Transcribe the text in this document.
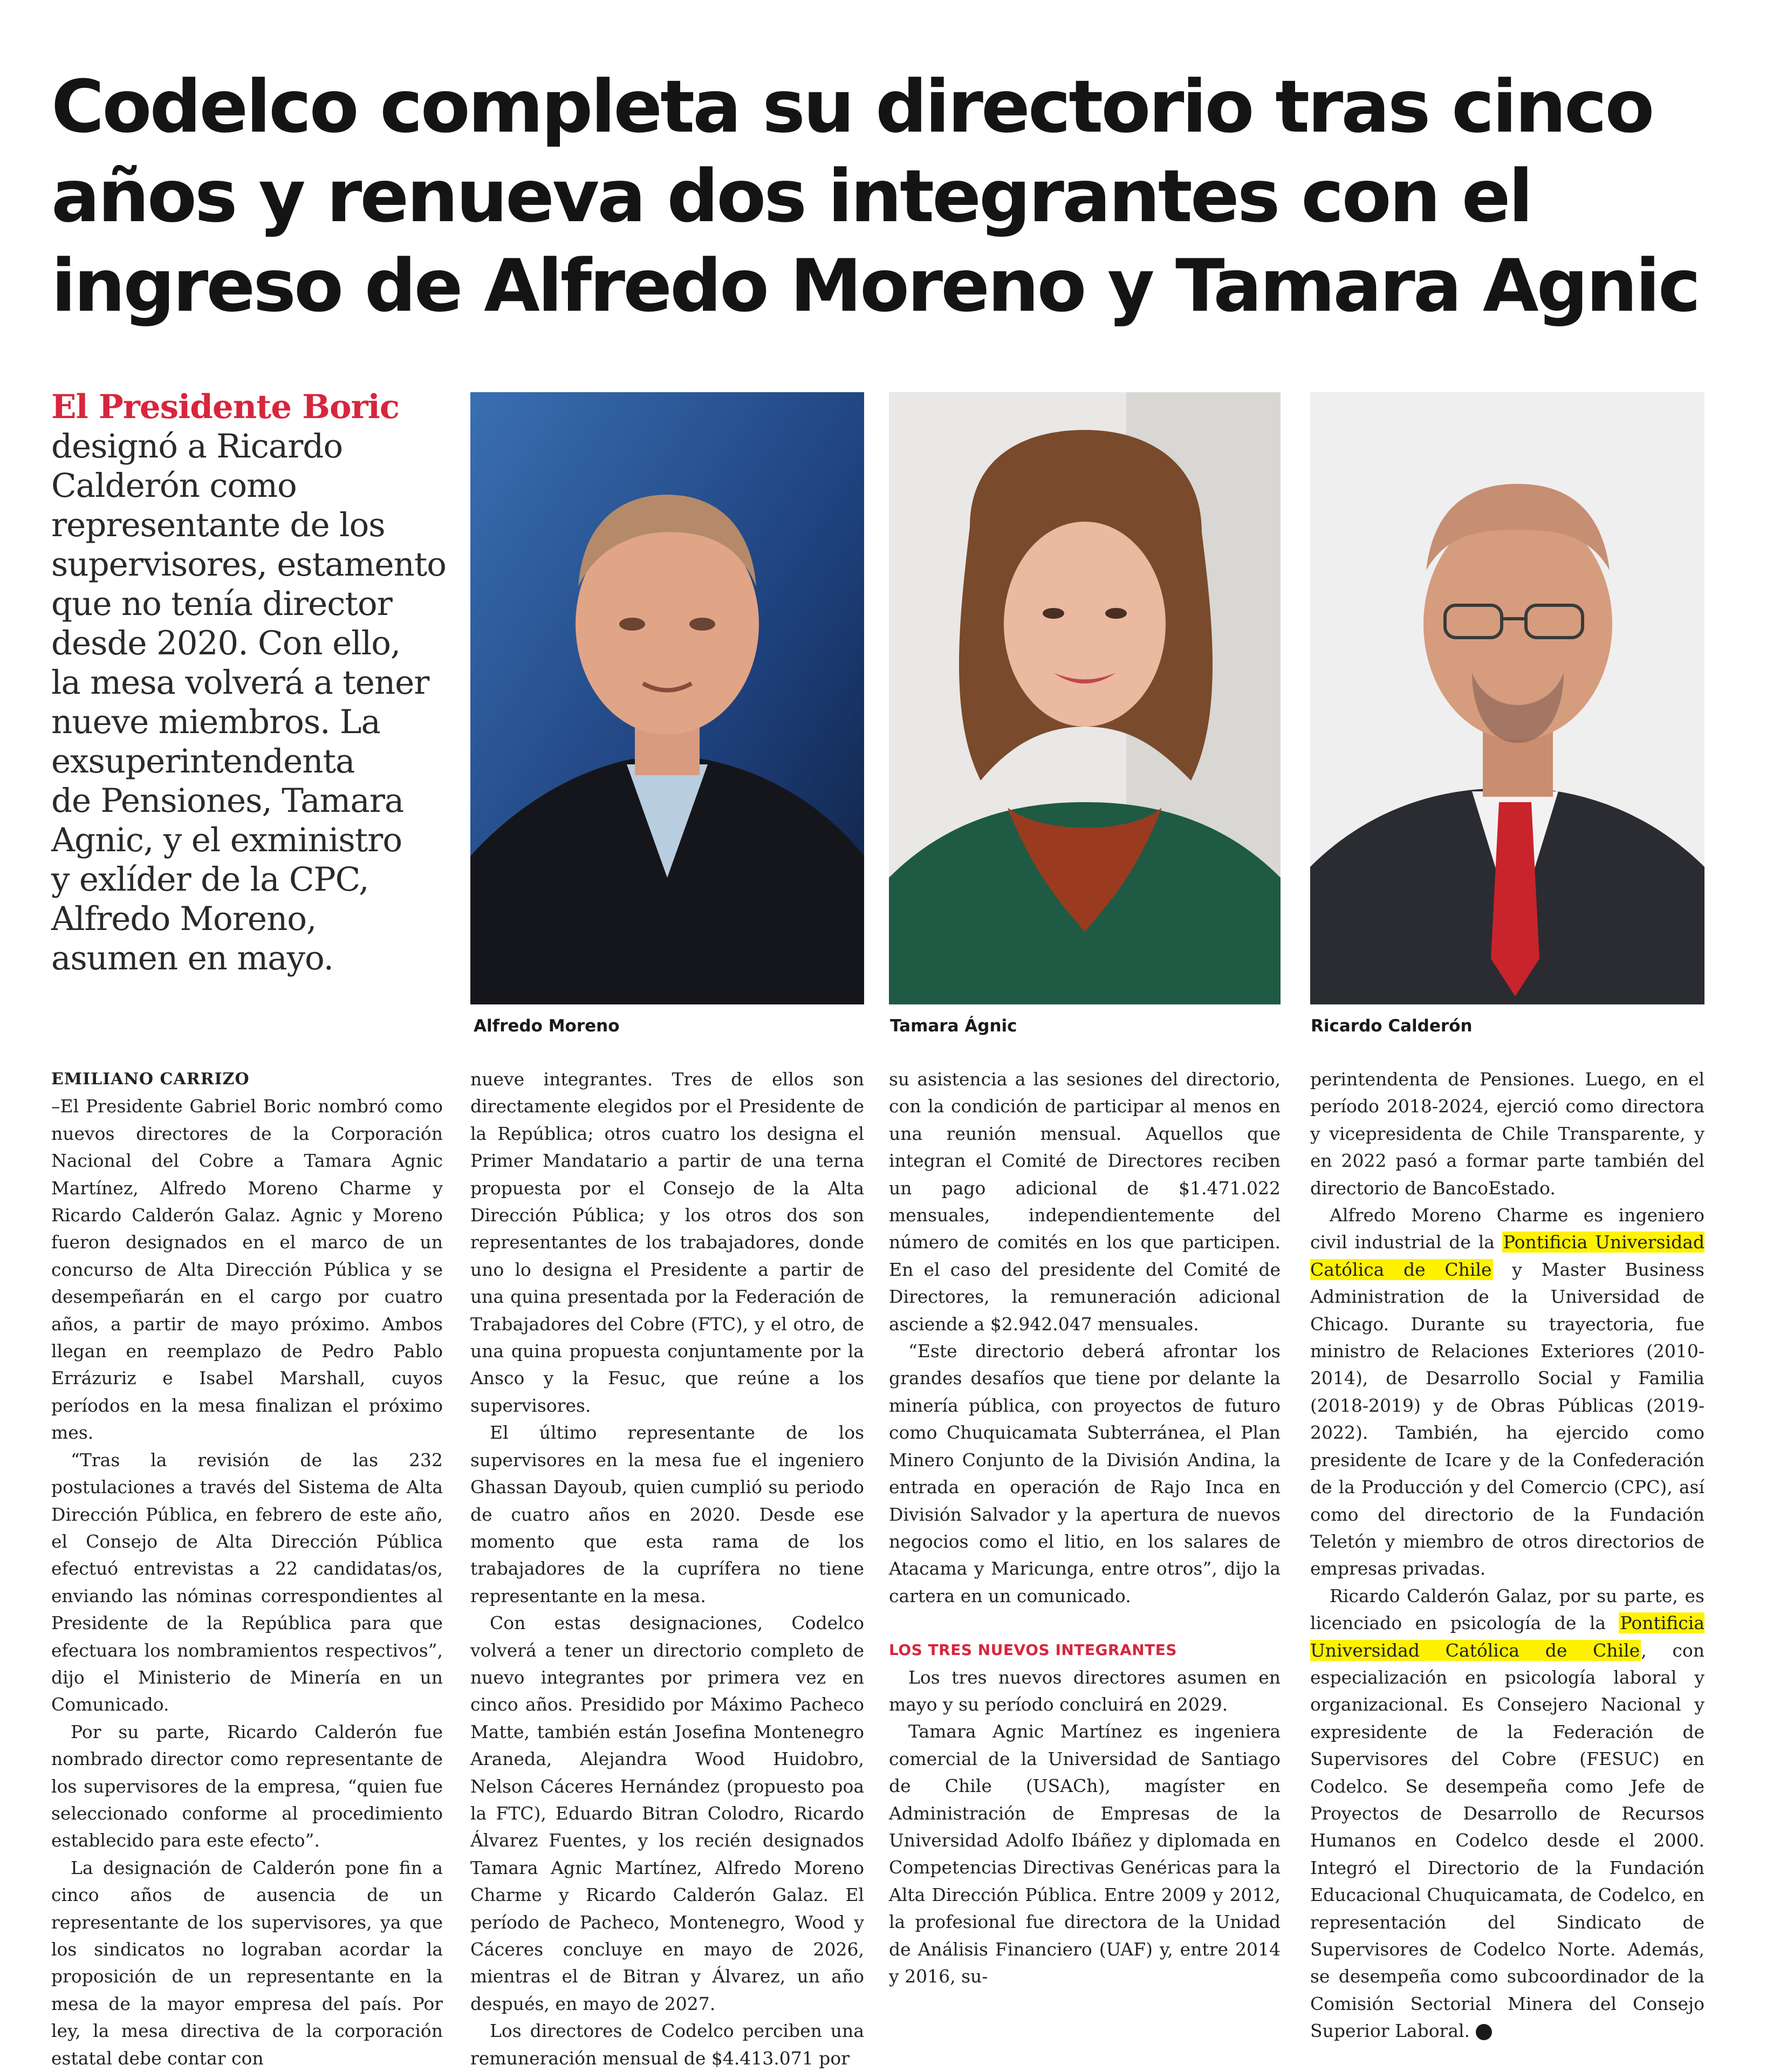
Codelco completa su directorio tras cinco
años y renueva dos integrantes con el
ingreso de Alfredo Moreno y Tamara Agnic
El Presidente Boric
designó a Ricardo
Calderón como
representante de los
supervisores, estamento
que no tenía director
desde 2020. Con ello,
la mesa volverá a tener
nueve miembros. La
exsuperintendenta
de Pensiones, Tamara
Agnic, y el exministro
y exlíder de la CPC,
Alfredo Moreno,
asumen en mayo.
Alfredo Moreno	Tamara Ágnic	Ricardo Calderón
EMILIANO CARRIZO

–El Presidente Gabriel Boric nombró como nuevos directores de la Corporación Nacional del Cobre a Tamara Agnic Martínez, Alfredo Moreno Charme y Ricardo Calderón Galaz. Agnic y Moreno fueron designados en el marco de un concurso de Alta Dirección Pública y se desempeñarán en el cargo por cuatro años, a partir de mayo próximo. Ambos llegan en reemplazo de Pedro Pablo Errázuriz e Isabel Marshall, cuyos períodos en la mesa finalizan el próximo mes.

“Tras la revisión de las 232 postulaciones a través del Sistema de Alta Dirección Pública, en febrero de este año, el Consejo de Alta Dirección Pública efectuó entrevistas a 22 candidatas/os, enviando las nóminas correspondientes al Presidente de la República para que efectuara los nombramientos respectivos”, dijo el Ministerio de Minería en un Comunicado.

Por su parte, Ricardo Calderón fue nombrado director como representante de los supervisores de la empresa, “quien fue seleccionado conforme al procedimiento establecido para este efecto”.

La designación de Calderón pone fin a cinco años de ausencia de un representante de los supervisores, ya que los sindicatos no lograban acordar la proposición de un representante en la mesa de la mayor empresa del país. Por ley, la mesa directiva de la corporación estatal debe contar con

nueve integrantes. Tres de ellos son directamente elegidos por el Presidente de la República; otros cuatro los designa el Primer Mandatario a partir de una terna propuesta por el Consejo de la Alta Dirección Pública; y los otros dos son representantes de los trabajadores, donde uno lo designa el Presidente a partir de una quina presentada por la Federación de Trabajadores del Cobre (FTC), y el otro, de una quina propuesta conjuntamente por la Ansco y la Fesuc, que reúne a los supervisores.

El último representante de los supervisores en la mesa fue el ingeniero Ghassan Dayoub, quien cumplió su periodo de cuatro años en 2020. Desde ese momento que esta rama de los trabajadores de la cuprífera no tiene representante en la mesa.

Con estas designaciones, Codelco volverá a tener un directorio completo de nuevo integrantes por primera vez en cinco años. Presidido por Máximo Pacheco Matte, también están Josefina Montenegro Araneda, Alejandra Wood Huidobro, Nelson Cáceres Hernández (propuesto poa la FTC), Eduardo Bitran Colodro, Ricardo Álvarez Fuentes, y los recién designados Tamara Agnic Martínez, Alfredo Moreno Charme y Ricardo Calderón Galaz. El período de Pacheco, Montenegro, Wood y Cáceres concluye en mayo de 2026, mientras el de Bitran y Álvarez, un año después, en mayo de 2027.

Los directores de Codelco perciben una remuneración mensual de $4.413.071 por

su asistencia a las sesiones del directorio, con la condición de participar al menos en una reunión mensual. Aquellos que integran el Comité de Directores reciben un pago adicional de $1.471.022 mensuales, independientemente del número de comités en los que participen. En el caso del presidente del Comité de Directores, la remuneración adicional asciende a $2.942.047 mensuales.

“Este directorio deberá afrontar los grandes desafíos que tiene por delante la minería pública, con proyectos de futuro como Chuquicamata Subterránea, el Plan Minero Conjunto de la División Andina, la entrada en operación de Rajo Inca en División Salvador y la apertura de nuevos negocios como el litio, en los salares de Atacama y Maricunga, entre otros”, dijo la cartera en un comunicado.

LOS TRES NUEVOS INTEGRANTES

Los tres nuevos directores asumen en mayo y su período concluirá en 2029.

Tamara Agnic Martínez es ingeniera comercial de la Universidad de Santiago de Chile (USACh), magíster en Administración de Empresas de la Universidad Adolfo Ibáñez y diplomada en Competencias Directivas Genéricas para la Alta Dirección Pública. Entre 2009 y 2012, la profesional fue directora de la Unidad de Análisis Financiero (UAF) y, entre 2014 y 2016, su-

perintendenta de Pensiones. Luego, en el período 2018-2024, ejerció como directora y vicepresidenta de Chile Transparente, y en 2022 pasó a formar parte también del directorio de BancoEstado.

Alfredo Moreno Charme es ingeniero civil industrial de la Pontificia Universidad Católica de Chile y Master Business Administration de la Universidad de Chicago. Durante su trayectoria, fue ministro de Relaciones Exteriores (2010-2014), de Desarrollo Social y Familia (2018-2019) y de Obras Públicas (2019-2022). También, ha ejercido como presidente de Icare y de la Confederación de la Producción y del Comercio (CPC), así como del directorio de la Fundación Teletón y miembro de otros directorios de empresas privadas.

Ricardo Calderón Galaz, por su parte, es licenciado en psicología de la Pontificia Universidad Católica de Chile, con especialización en psicología laboral y organizacional. Es Consejero Nacional y expresidente de la Federación de Supervisores del Cobre (FESUC) en Codelco. Se desempeña como Jefe de Proyectos de Desarrollo de Recursos Humanos en Codelco desde el 2000. Integró el Directorio de la Fundación Educacional Chuquicamata, de Codelco, en representación del Sindicato de Supervisores de Codelco Norte. Además, se desempeña como subcoordinador de la Comisión Sectorial Minera del Consejo Superior Laboral. P
